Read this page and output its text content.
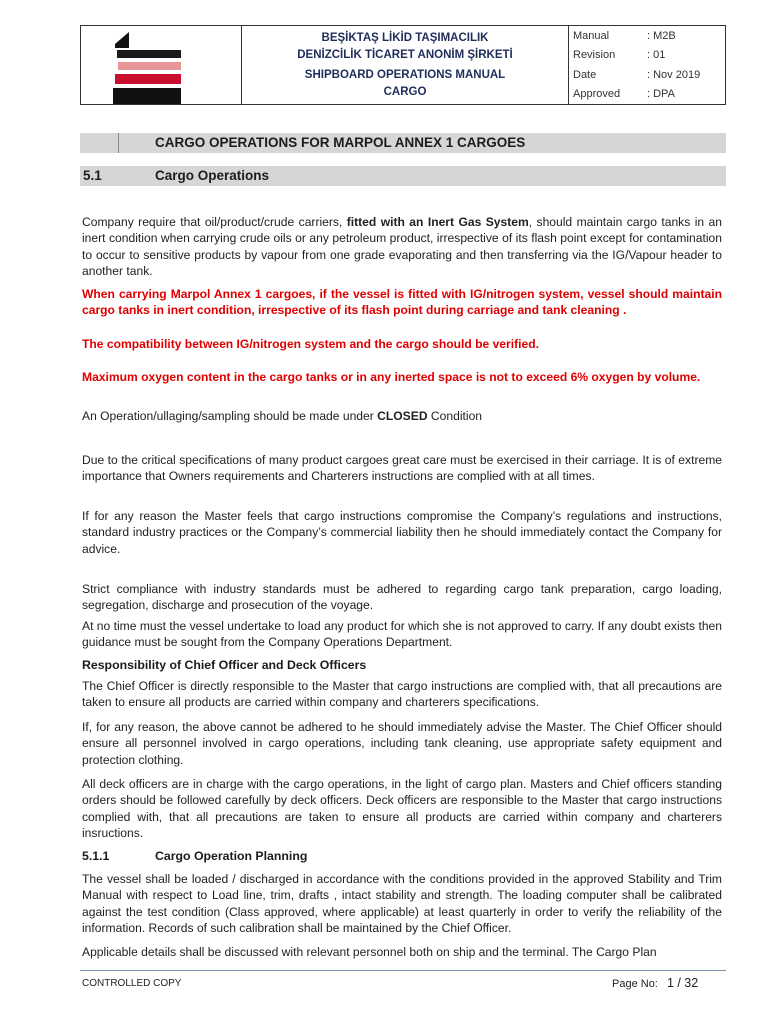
BEŞİKTAŞ LİKİD TAŞIMACILIK
DENİZCİLİK TİCARET ANONİM ŞİRKETİ
SHIPBOARD OPERATIONS MANUAL
CARGO
Manual	: M2B
Revision	: 01
Date	: Nov 2019
Approved	: DPA
CARGO OPERATIONS FOR MARPOL ANNEX 1 CARGOES
5.1	Cargo Operations
Company require that oil/product/crude carriers, fitted with an Inert Gas System, should maintain cargo tanks in an inert condition when carrying crude oils or any petroleum product, irrespective of its flash point except for contamination to occur to sensitive products by vapour from one grade evaporating and then transferring via the IG/Vapour header to another tank.
When carrying Marpol Annex 1 cargoes, if the vessel is fitted with IG/nitrogen system, vessel should maintain cargo tanks in inert condition, irrespective of its flash point during carriage and tank cleaning .
The compatibility between IG/nitrogen system and the cargo should be verified.
Maximum oxygen content in the cargo tanks or in any inerted space is not to exceed 6% oxygen by volume.
An Operation/ullaging/sampling should be made under CLOSED Condition
Due to the critical specifications of many product cargoes great care must be exercised in their carriage. It is of extreme importance that Owners requirements and Charterers instructions are complied with at all times.
If for any reason the Master feels that cargo instructions compromise the Company’s regulations and instructions, standard industry practices or the Company’s commercial liability then he should immediately contact the Company for advice.
Strict compliance with industry standards must be adhered to regarding cargo tank preparation, cargo loading, segregation, discharge and prosecution of the voyage.
At no time must the vessel undertake to load any product for which she is not approved to carry. If any doubt exists then guidance must be sought from the Company Operations Department.
Responsibility of Chief Officer and Deck Officers
The Chief Officer is directly responsible to the Master that cargo instructions are complied with, that all precautions are taken to ensure all products are carried within company and charterers specifications.
If, for any reason, the above cannot be adhered to he should immediately advise the Master. The Chief Officer should ensure all personnel involved in cargo operations, including tank cleaning, use appropriate safety equipment and protection clothing.
All deck officers are in charge with the cargo operations, in the light of cargo plan. Masters and Chief officers standing orders should be followed carefully by deck officers. Deck officers are responsible to the Master that cargo instructions complied with, that all precautions are taken to ensure all products are carried within company and charterers insructions.
5.1.1	Cargo Operation Planning
The vessel shall be loaded / discharged in accordance with the conditions provided in the approved Stability and Trim Manual with respect to Load line, trim, drafts , intact stability and strength. The loading computer shall be calibrated against the test condition (Class approved, where applicable) at least quarterly in order to verify the reliability of the information. Records of such calibration shall be maintained by the Chief Officer.
Applicable details shall be discussed with relevant personnel both on ship and the terminal. The Cargo Plan
CONTROLLED COPY	Page No: 1 / 32
